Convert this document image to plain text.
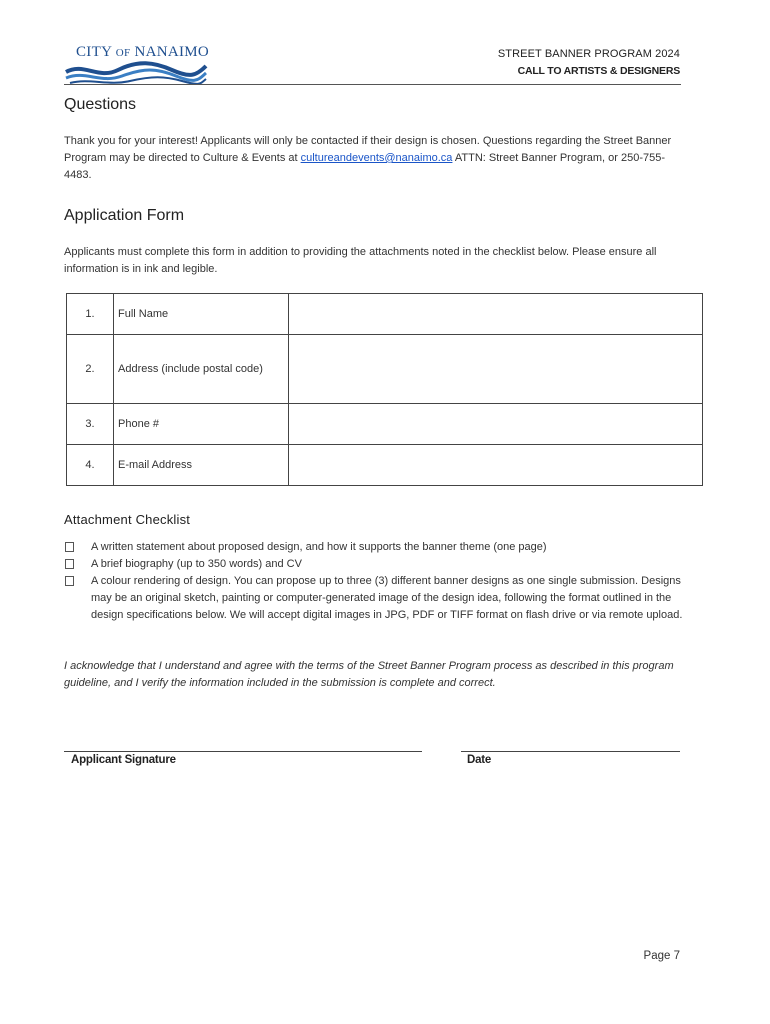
CITY OF NANAIMO	STREET BANNER PROGRAM 2024
CALL TO ARTISTS & DESIGNERS
Questions

Thank you for your interest! Applicants will only be contacted if their design is chosen. Questions regarding the Street Banner Program may be directed to Culture & Events at cultureandevents@nanaimo.ca ATTN: Street Banner Program, or 250-755-4483.

Application Form

Applicants must complete this form in addition to providing the attachments noted in the checklist below. Please ensure all information is in ink and legible.

1.	Full Name	
2.	Address (include postal code)	
3.	Phone #	
4.	E-mail Address	
Attachment Checklist
A written statement about proposed design, and how it supports the banner theme (one page)
A brief biography (up to 350 words) and CV
A colour rendering of design. You can propose up to three (3) different banner designs as one single submission. Designs may be an original sketch, painting or computer-generated image of the design idea, following the format outlined in the design specifications below. We will accept digital images in JPG, PDF or TIFF format on flash drive or via remote upload.

I acknowledge that I understand and agree with the terms of the Street Banner Program process as described in this program guideline, and I verify the information included in the submission is complete and correct.

Applicant Signature	Date
Page 7
